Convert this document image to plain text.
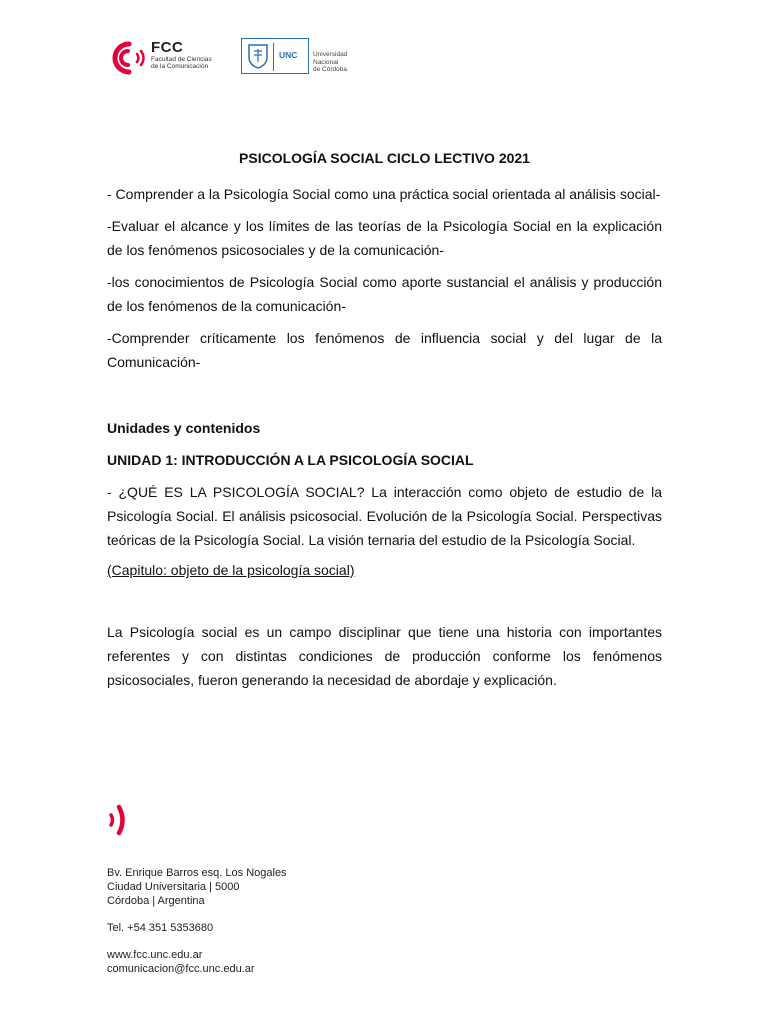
FCC
Facultad de Ciencias
de la Comunicación
UNC Universidad
Nacional
de Córdoba
PSICOLOGÍA SOCIAL CICLO LECTIVO 2021

- Comprender a la Psicología Social como una práctica social orientada al análisis social-

-Evaluar el alcance y los límites de las teorías de la Psicología Social en la explicación de los fenómenos psicosociales y de la comunicación-

-los conocimientos de Psicología Social como aporte sustancial el análisis y producción de los fenómenos de la comunicación-

-Comprender críticamente los fenómenos de influencia social y del lugar de la Comunicación-

Unidades y contenidos

UNIDAD 1: INTRODUCCIÓN A LA PSICOLOGÍA SOCIAL

- ¿QUÉ ES LA PSICOLOGÍA SOCIAL? La interacción como objeto de estudio de la Psicología Social. El análisis psicosocial. Evolución de la Psicología Social. Perspectivas teóricas de la Psicología Social. La visión ternaria del estudio de la Psicología Social.

(Capitulo: objeto de la psicología social)

La Psicología social es un campo disciplinar que tiene una historia con importantes referentes y con distintas condiciones de producción conforme los fenómenos psicosociales, fueron generando la necesidad de abordaje y explicación.

Bv. Enrique Barros esq. Los Nogales
Ciudad Universitaria | 5000
Córdoba | Argentina
Tel. +54 351 5353680
www.fcc.unc.edu.ar
comunicacion@fcc.unc.edu.ar
